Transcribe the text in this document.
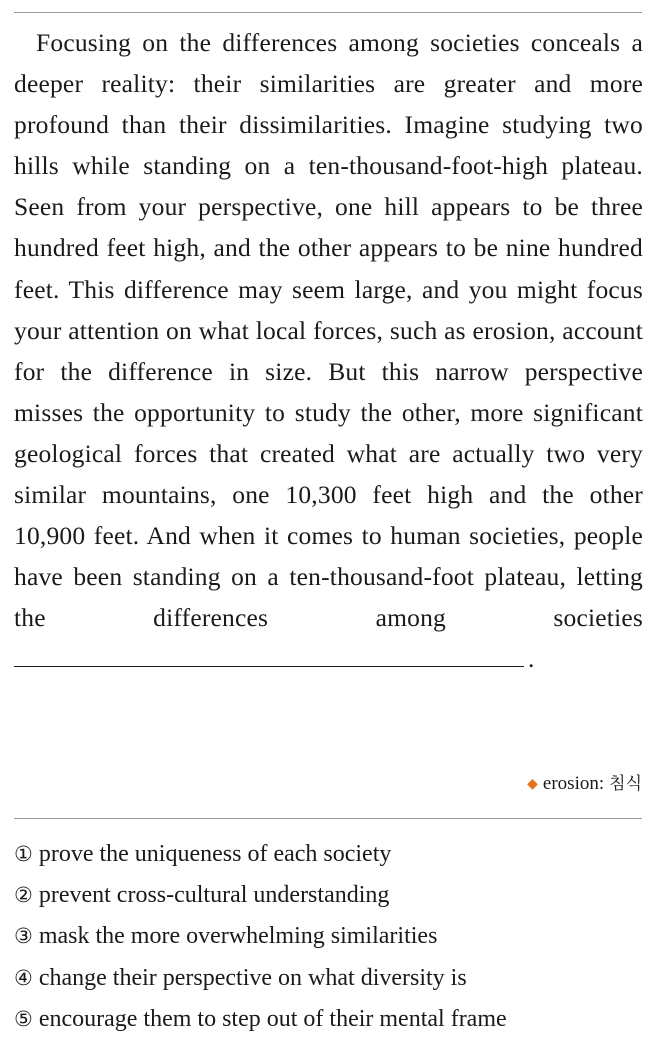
Focusing on the differences among societies conceals a deeper reality: their similarities are greater and more profound than their dissimilarities. Imagine studying two hills while standing on a ten-thousand-foot-high plateau. Seen from your perspective, one hill appears to be three hundred feet high, and the other appears to be nine hundred feet. This difference may seem large, and you might focus your attention on what local forces, such as erosion, account for the difference in size. But this narrow perspective misses the opportunity to study the other, more significant geological forces that created what are actually two very similar mountains, one 10,300 feet high and the other 10,900 feet. And when it comes to human societies, people have been standing on a ten-thousand-foot plateau, letting the differences among societies .

◆ erosion: 침식
① prove the uniqueness of each society
② prevent cross-cultural understanding
③ mask the more overwhelming similarities
④ change their perspective on what diversity is
⑤ encourage them to step out of their mental frame
